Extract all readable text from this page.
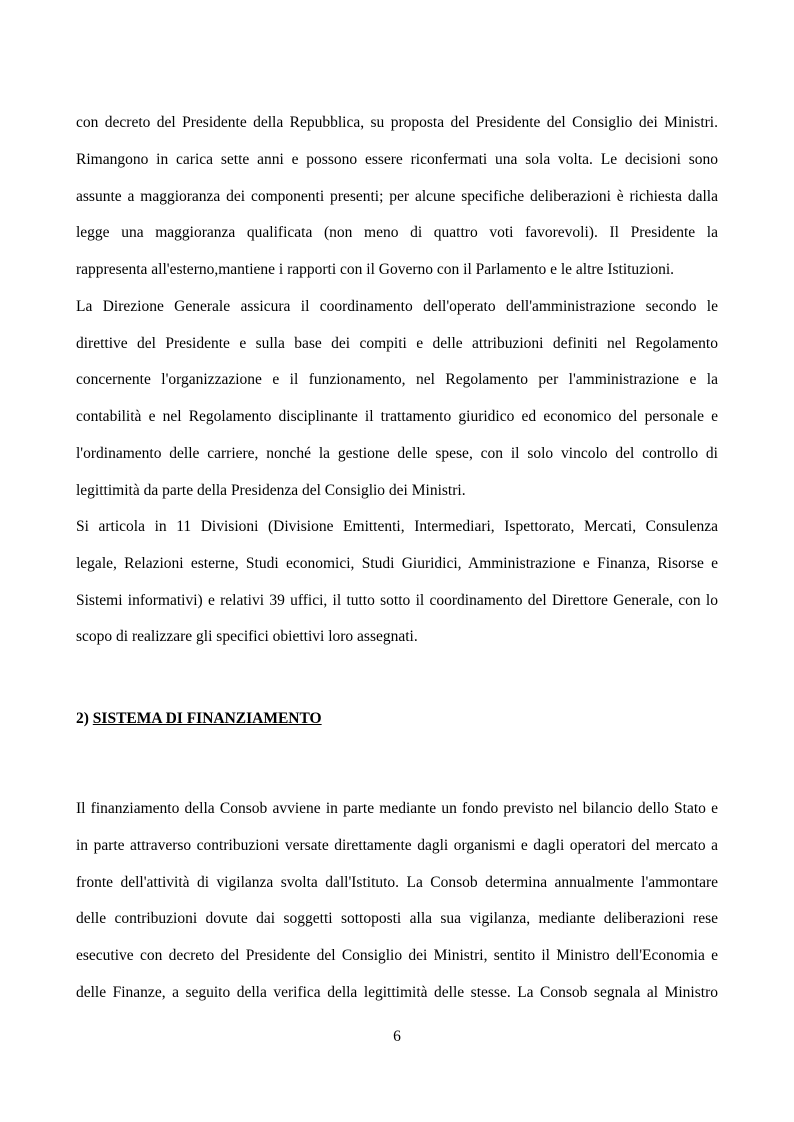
con decreto del Presidente della Repubblica, su proposta del Presidente del Consiglio dei Ministri.
Rimangono in carica sette anni e possono essere riconfermati una sola volta. Le decisioni sono
assunte a maggioranza dei componenti presenti; per alcune specifiche deliberazioni è richiesta dalla
legge una maggioranza qualificata (non meno di quattro voti favorevoli). Il Presidente la
rappresenta all'esterno,mantiene i rapporti con il Governo con il Parlamento e le altre Istituzioni.
La Direzione Generale assicura il coordinamento dell'operato dell'amministrazione secondo le
direttive del Presidente e sulla base dei compiti e delle attribuzioni definiti nel Regolamento
concernente l'organizzazione e il funzionamento, nel Regolamento per l'amministrazione e la
contabilità e nel Regolamento disciplinante il trattamento giuridico ed economico del personale e
l'ordinamento delle carriere, nonché la gestione delle spese, con il solo vincolo del controllo di
legittimità da parte della Presidenza del Consiglio dei Ministri.
Si articola in 11 Divisioni (Divisione Emittenti, Intermediari, Ispettorato, Mercati, Consulenza
legale, Relazioni esterne, Studi economici, Studi Giuridici, Amministrazione e Finanza, Risorse e
Sistemi informativi) e relativi 39 uffici, il tutto sotto il coordinamento del Direttore Generale, con lo
scopo di realizzare gli specifici obiettivi loro assegnati.
2) SISTEMA DI FINANZIAMENTO
Il finanziamento della Consob avviene in parte mediante un fondo previsto nel bilancio dello Stato e
in parte attraverso contribuzioni versate direttamente dagli organismi e dagli operatori del mercato a
fronte dell'attività di vigilanza svolta dall'Istituto. La Consob determina annualmente l'ammontare
delle contribuzioni dovute dai soggetti sottoposti alla sua vigilanza, mediante deliberazioni rese
esecutive con decreto del Presidente del Consiglio dei Ministri, sentito il Ministro dell'Economia e
delle Finanze, a seguito della verifica della legittimità delle stesse. La Consob segnala al Ministro
6
